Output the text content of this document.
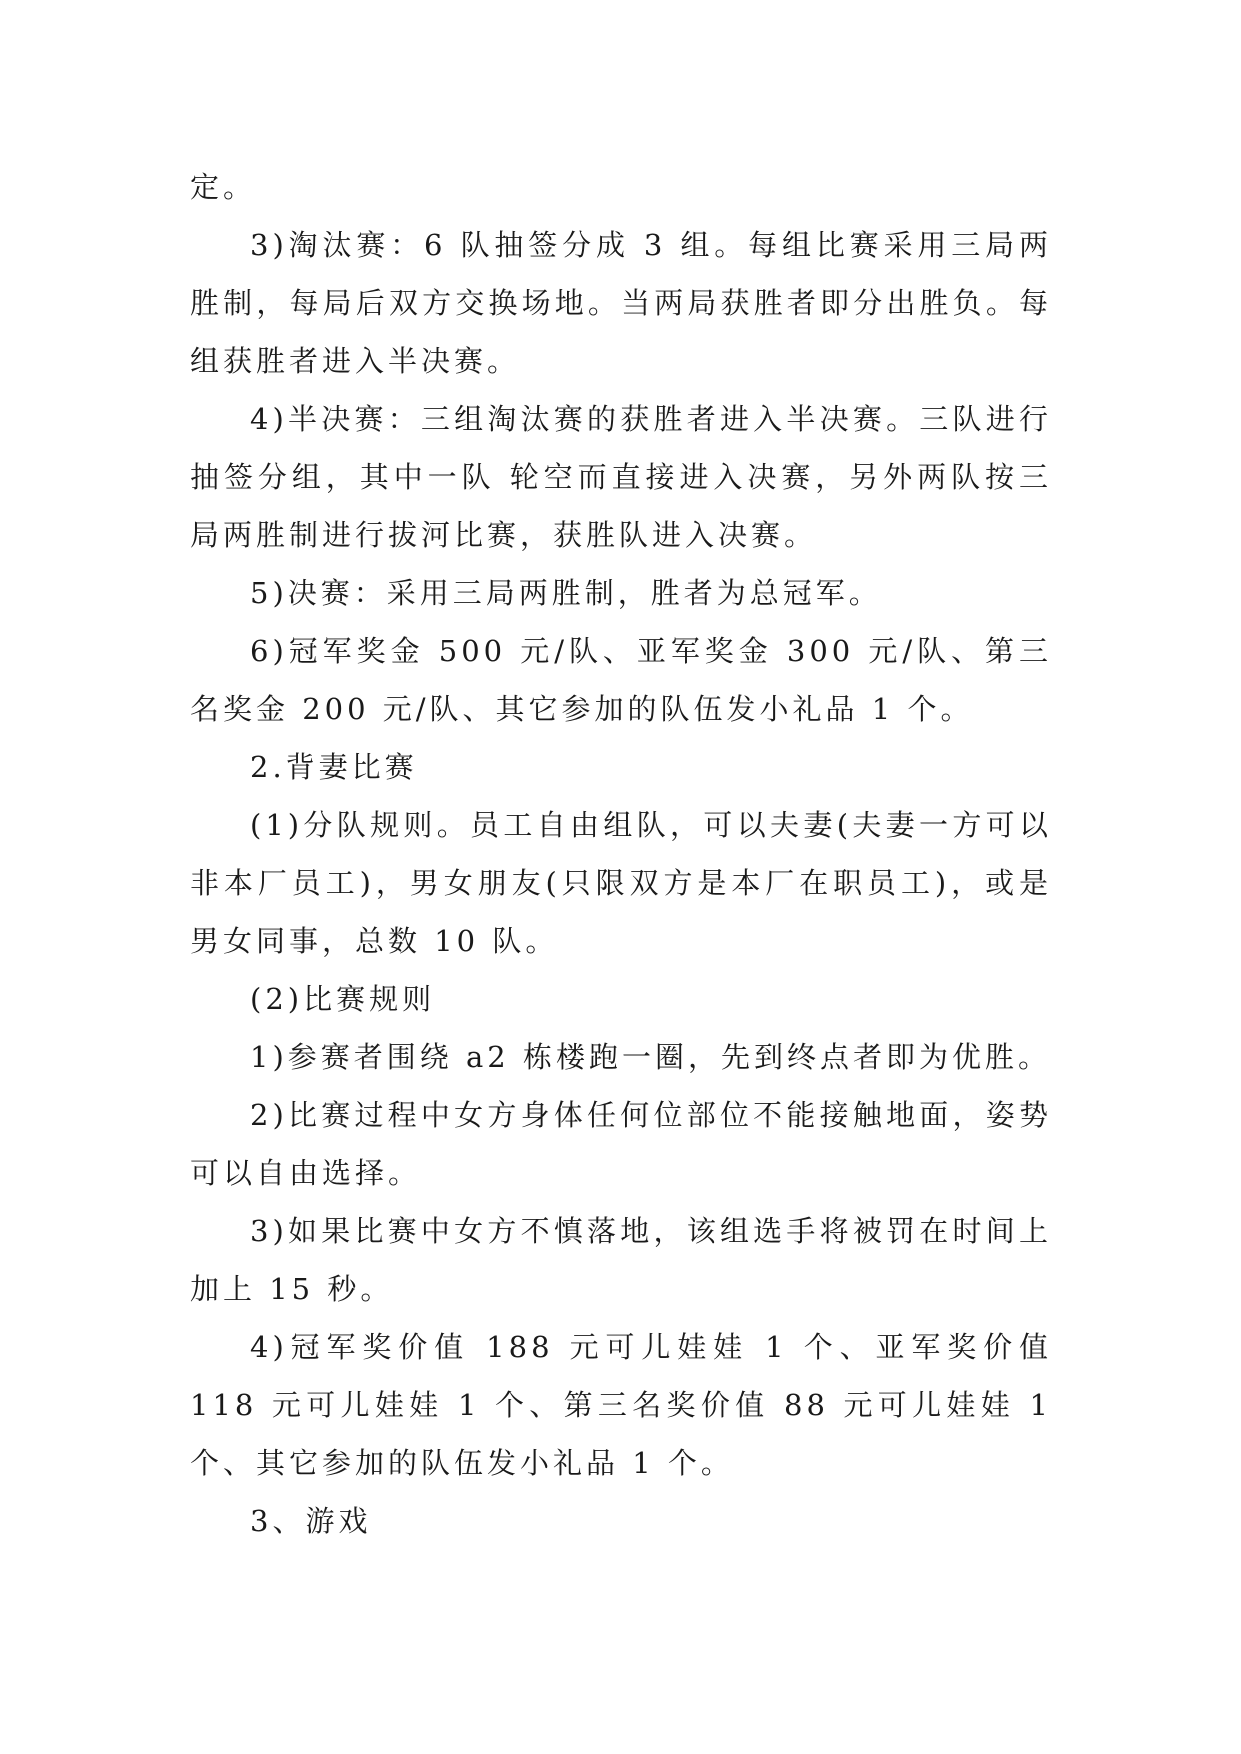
定。

3)淘汰赛：6 队抽签分成 3 组。每组比赛采用三局两胜制，每局后双方交换场地。当两局获胜者即分出胜负。每组获胜者进入半决赛。

4)半决赛：三组淘汰赛的获胜者进入半决赛。三队进行抽签分组，其中一队 轮空而直接进入决赛，另外两队按三局两胜制进行拔河比赛，获胜队进入决赛。

5)决赛：采用三局两胜制，胜者为总冠军。

6)冠军奖金 500 元/队、亚军奖金 300 元/队、第三名奖金 200 元/队、其它参加的队伍发小礼品 1 个。

2.背妻比赛

(1)分队规则。员工自由组队，可以夫妻(夫妻一方可以非本厂员工)，男女朋友(只限双方是本厂在职员工)，或是男女同事，总数 10 队。

(2)比赛规则

1)参赛者围绕 a2 栋楼跑一圈，先到终点者即为优胜。

2)比赛过程中女方身体任何位部位不能接触地面，姿势可以自由选择。

3)如果比赛中女方不慎落地，该组选手将被罚在时间上加上 15 秒。

4)冠军奖价值 188 元可儿娃娃 1 个、亚军奖价值 118 元可儿娃娃 1 个、第三名奖价值 88 元可儿娃娃 1 个、其它参加的队伍发小礼品 1 个。

3、游戏
